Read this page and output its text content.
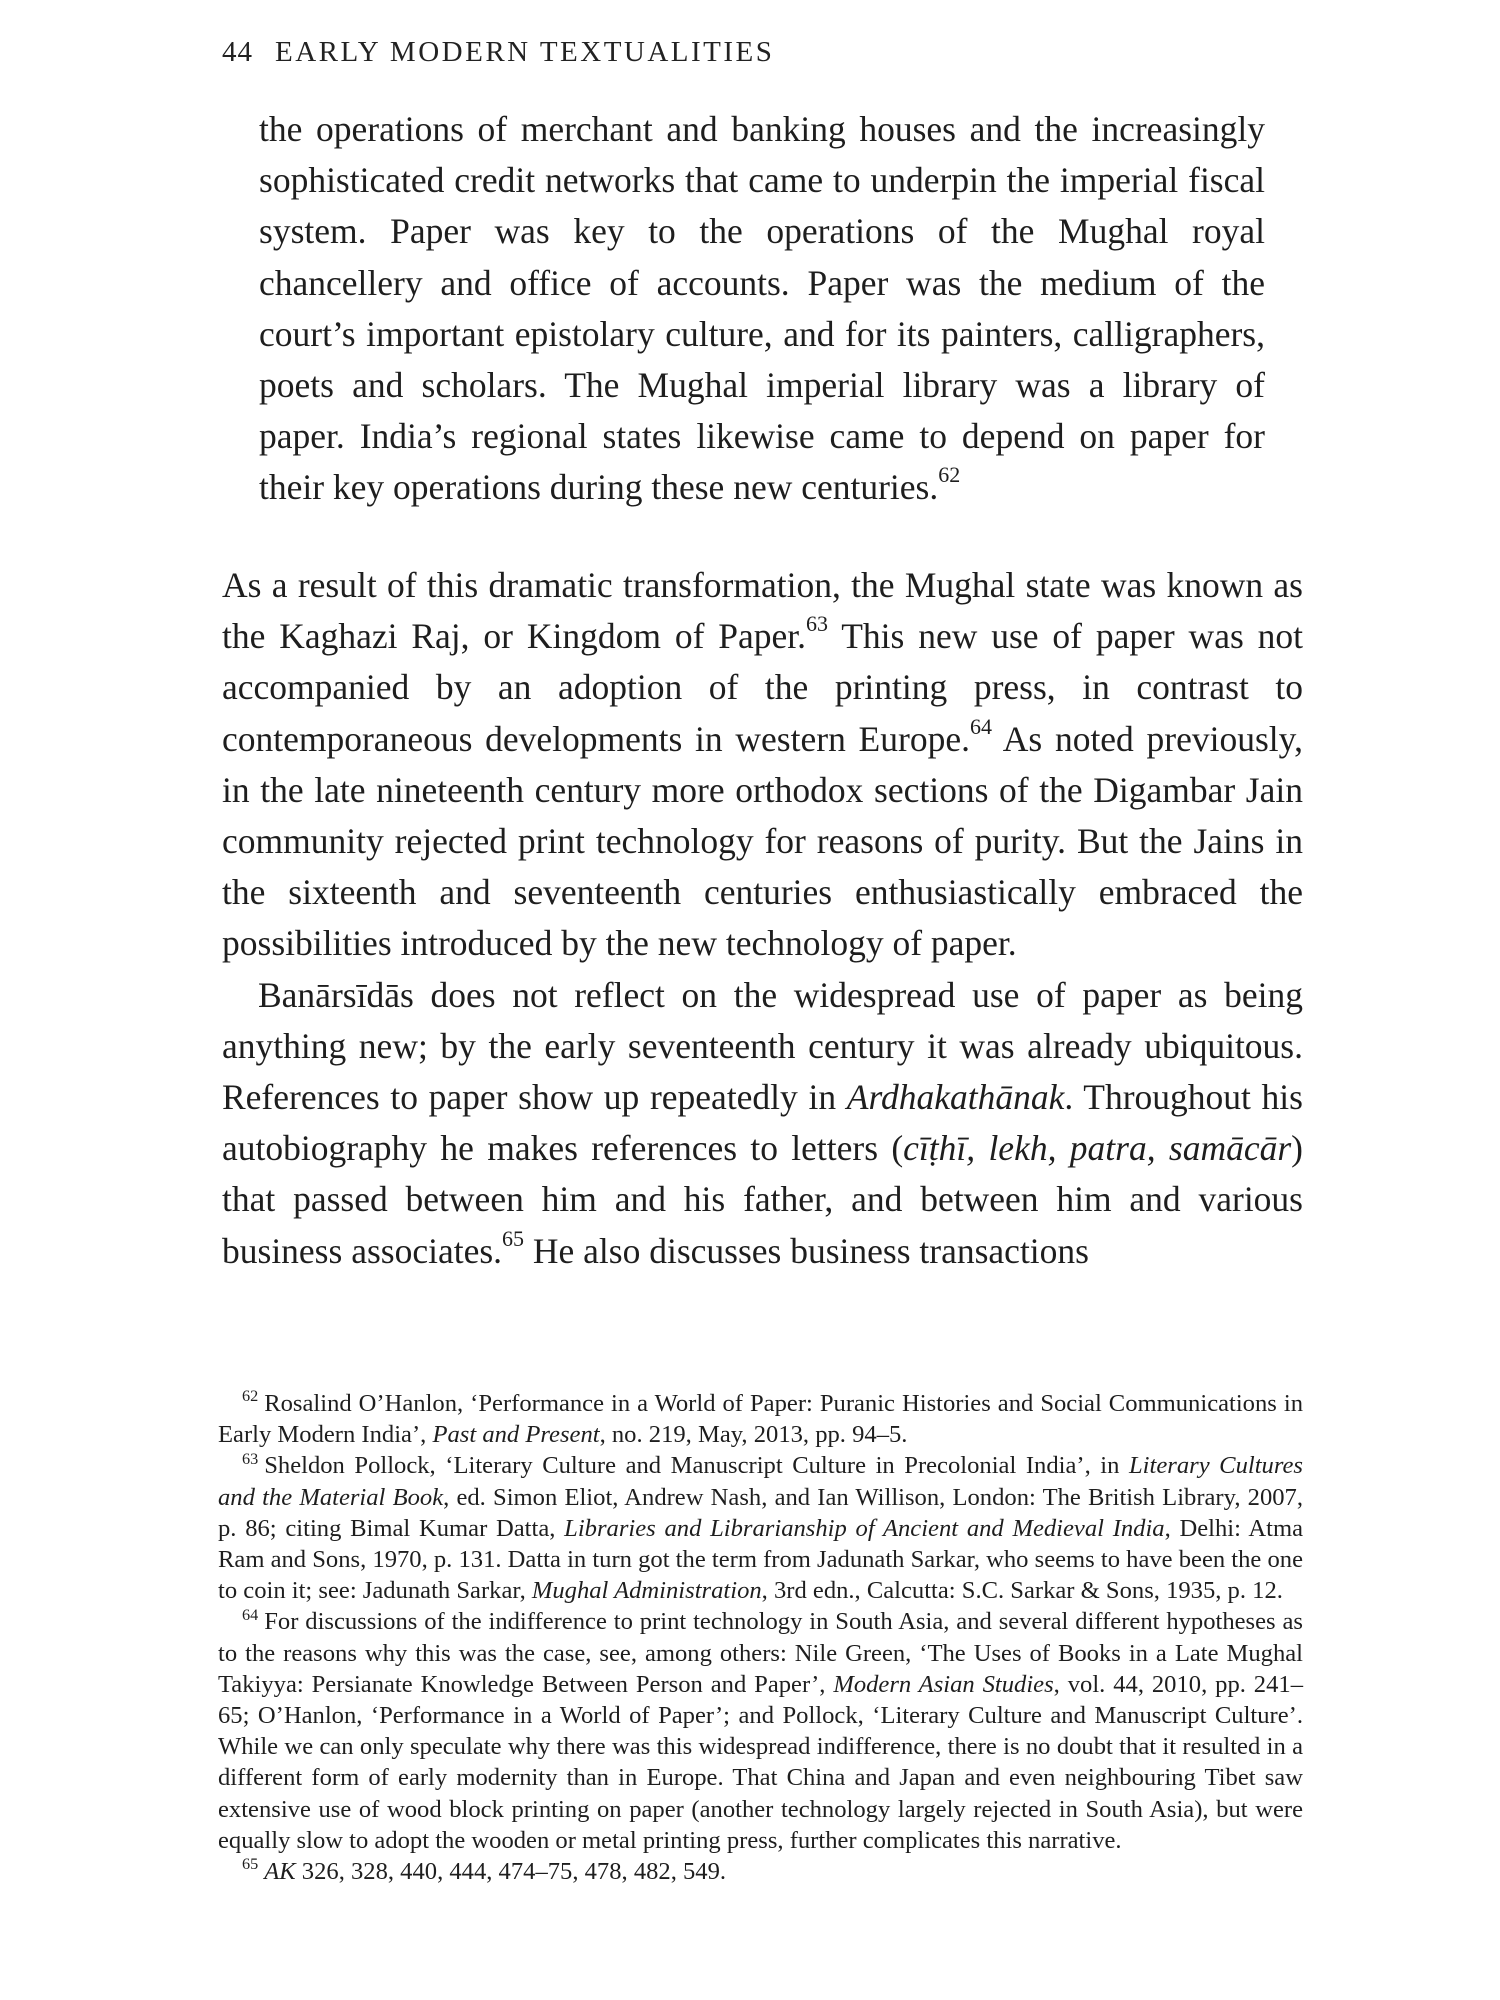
44 EARLY MODERN TEXTUALITIES
the operations of merchant and banking houses and the increasingly sophisticated credit networks that came to underpin the imperial fiscal system. Paper was key to the operations of the Mughal royal chancellery and office of accounts. Paper was the medium of the court’s important epistolary culture, and for its painters, calligraphers, poets and scholars. The Mughal imperial library was a library of paper. India’s regional states likewise came to depend on paper for their key operations during these new centuries.$^{62}$

As a result of this dramatic transformation, the Mughal state was known as the Kaghazi Raj, or Kingdom of Paper.$^{63}$ This new use of paper was not accompanied by an adoption of the printing press, in contrast to contemporaneous developments in western Europe.$^{64}$ As noted previously, in the late nineteenth century more orthodox sections of the Digambar Jain community rejected print technology for reasons of purity. But the Jains in the sixteenth and seventeenth centuries enthusiastically embraced the possibilities introduced by the new technology of paper.

Banārsīdās does not reflect on the widespread use of paper as being anything new; by the early seventeenth century it was already ubiquitous. References to paper show up repeatedly in Ardhakathānak. Throughout his autobiography he makes references to letters (cīṭhī, lekh, patra, samācār) that passed between him and his father, and between him and various business associates.$^{65}$ He also discusses business transactions

$^{62}$ Rosalind O’Hanlon, ‘Performance in a World of Paper: Puranic Histories and Social Communications in Early Modern India’, Past and Present, no. 219, May, 2013, pp. 94–5.

$^{63}$ Sheldon Pollock, ‘Literary Culture and Manuscript Culture in Precolonial India’, in Literary Cultures and the Material Book, ed. Simon Eliot, Andrew Nash, and Ian Willison, London: The British Library, 2007, p. 86; citing Bimal Kumar Datta, Libraries and Librarianship of Ancient and Medieval India, Delhi: Atma Ram and Sons, 1970, p. 131. Datta in turn got the term from Jadunath Sarkar, who seems to have been the one to coin it; see: Jadunath Sarkar, Mughal Administration, 3rd edn., Calcutta: S.C. Sarkar & Sons, 1935, p. 12.

$^{64}$ For discussions of the indifference to print technology in South Asia, and several different hypotheses as to the reasons why this was the case, see, among others: Nile Green, ‘The Uses of Books in a Late Mughal Takiyya: Persianate Knowledge Between Person and Paper’, Modern Asian Studies, vol. 44, 2010, pp. 241–65; O’Hanlon, ‘Performance in a World of Paper’; and Pollock, ‘Literary Culture and Manuscript Culture’. While we can only speculate why there was this widespread indifference, there is no doubt that it resulted in a different form of early modernity than in Europe. That China and Japan and even neighbouring Tibet saw extensive use of wood block printing on paper (another technology largely rejected in South Asia), but were equally slow to adopt the wooden or metal printing press, further complicates this narrative.

$^{65}$ AK 326, 328, 440, 444, 474–75, 478, 482, 549.
